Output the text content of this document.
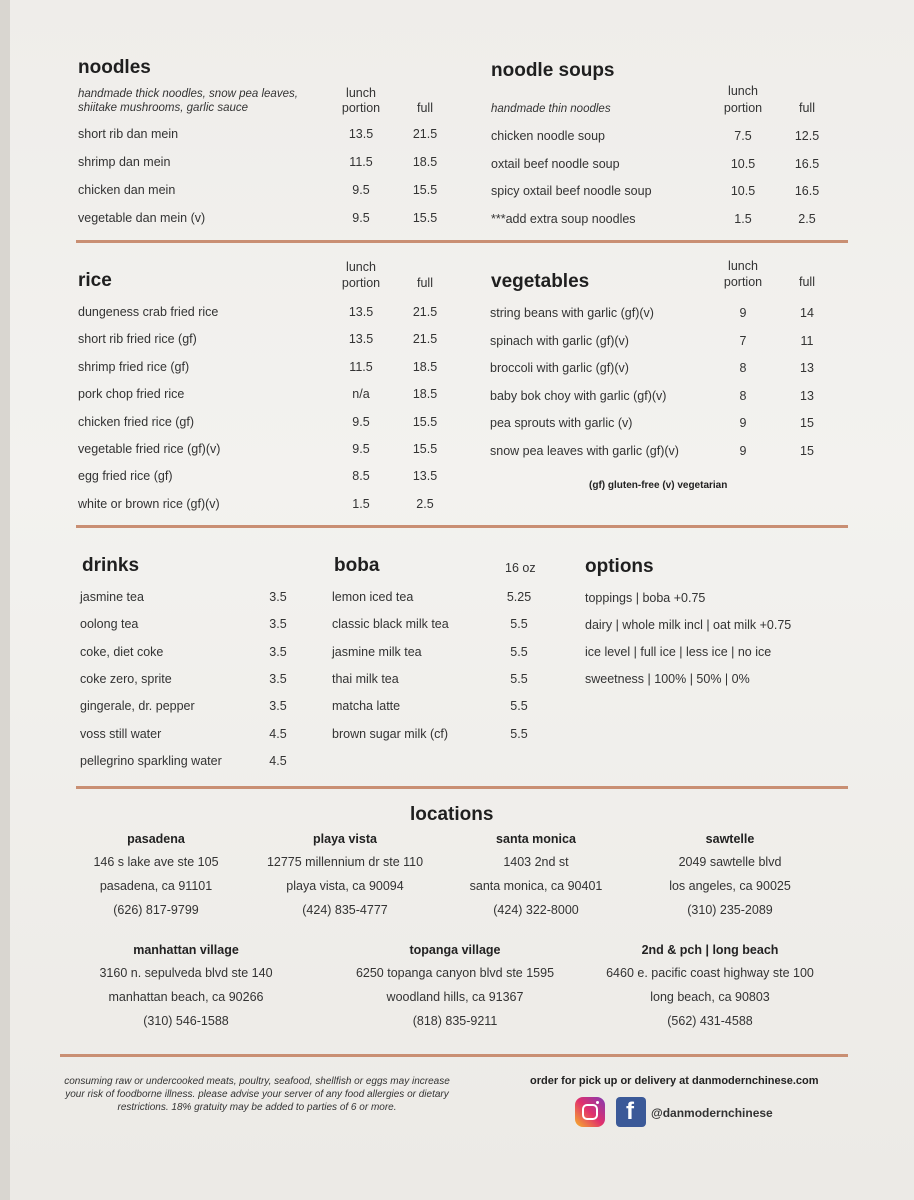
noodles
handmade thick noodles, snow pea leaves,
shiitake mushrooms, garlic sauce
lunch
portion	full
short rib dan mein	13.5	21.5
shrimp dan mein	11.5	18.5
chicken dan mein	9.5	15.5
vegetable dan mein (v)	9.5	15.5
noodle soups
lunch
handmade thin noodles	portion	full
chicken noodle soup	7.5	12.5
oxtail beef noodle soup	10.5	16.5
spicy oxtail beef noodle soup	10.5	16.5
***add extra soup noodles	1.5	2.5
rice
lunch
portion	full
dungeness crab fried rice	13.5	21.5
short rib fried rice (gf)	13.5	21.5
shrimp fried rice (gf)	11.5	18.5
pork chop fried rice	n/a	18.5
chicken fried rice (gf)	9.5	15.5
vegetable fried rice (gf)(v)	9.5	15.5
egg fried rice (gf)	8.5	13.5
white or brown rice (gf)(v)	1.5	2.5
vegetables
lunch
portion	full
string beans with garlic (gf)(v)	9	14
spinach with garlic (gf)(v)	7	11
broccoli with garlic (gf)(v)	8	13
baby bok choy with garlic (gf)(v)	8	13
pea sprouts with garlic (v)	9	15
snow pea leaves with garlic (gf)(v)	9	15
(gf) gluten-free (v) vegetarian
drinks
jasmine tea	3.5
oolong tea	3.5
coke, diet coke	3.5
coke zero, sprite	3.5
gingerale, dr. pepper	3.5
voss still water	4.5
pellegrino sparkling water	4.5
boba	16 oz
lemon iced tea	5.25
classic black milk tea	5.5
jasmine milk tea	5.5
thai milk tea	5.5
matcha latte	5.5
brown sugar milk (cf)	5.5
options
toppings | boba +0.75
dairy | whole milk incl | oat milk +0.75
ice level | full ice | less ice | no ice
sweetness | 100% | 50% | 0%
locations
pasadena
146 s lake ave ste 105
pasadena, ca 91101
(626) 817-9799
playa vista
12775 millennium dr ste 110
playa vista, ca 90094
(424) 835-4777
santa monica
1403 2nd st
santa monica, ca 90401
(424) 322-8000
sawtelle
2049 sawtelle blvd
los angeles, ca 90025
(310) 235-2089
manhattan village
3160 n. sepulveda blvd ste 140
manhattan beach, ca 90266
(310) 546-1588
topanga village
6250 topanga canyon blvd ste 1595
woodland hills, ca 91367
(818) 835-9211
2nd & pch | long beach
6460 e. pacific coast highway ste 100
long beach, ca 90803
(562) 431-4588
consuming raw or undercooked meats, poultry, seafood, shellfish or eggs may increase your risk of foodborne illness. please advise your server of any food allergies or dietary restrictions. 18% gratuity may be added to parties of 6 or more.
order for pick up or delivery at danmodernchinese.com
f @danmodernchinese
